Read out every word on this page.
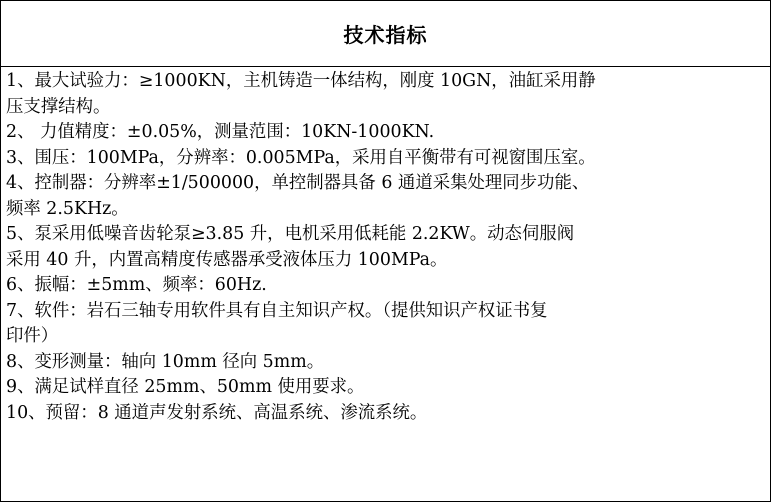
技术指标

1、最大试验力：≥1000KN，主机铸造一体结构，刚度 10GN，油缸采用静

压支撑结构。

2、 力值精度：±0.05%，测量范围：10KN-1000KN.

3、围压：100MPa，分辨率：0.005MPa，采用自平衡带有可视窗围压室。

4、控制器：分辨率±1/500000，单控制器具备 6 通道采集处理同步功能、

频率 2.5KHz。

5、泵采用低噪音齿轮泵≥3.85 升，电机采用低耗能 2.2KW。动态伺服阀

采用 40 升，内置高精度传感器承受液体压力 100MPa。

6、振幅：±5mm、频率：60Hz.

7、软件：岩石三轴专用软件具有自主知识产权。（提供知识产权证书复

印件）

8、变形测量：轴向 10mm 径向 5mm。

9、满足试样直径 25mm、50mm 使用要求。

10、预留：8 通道声发射系统、高温系统、渗流系统。
